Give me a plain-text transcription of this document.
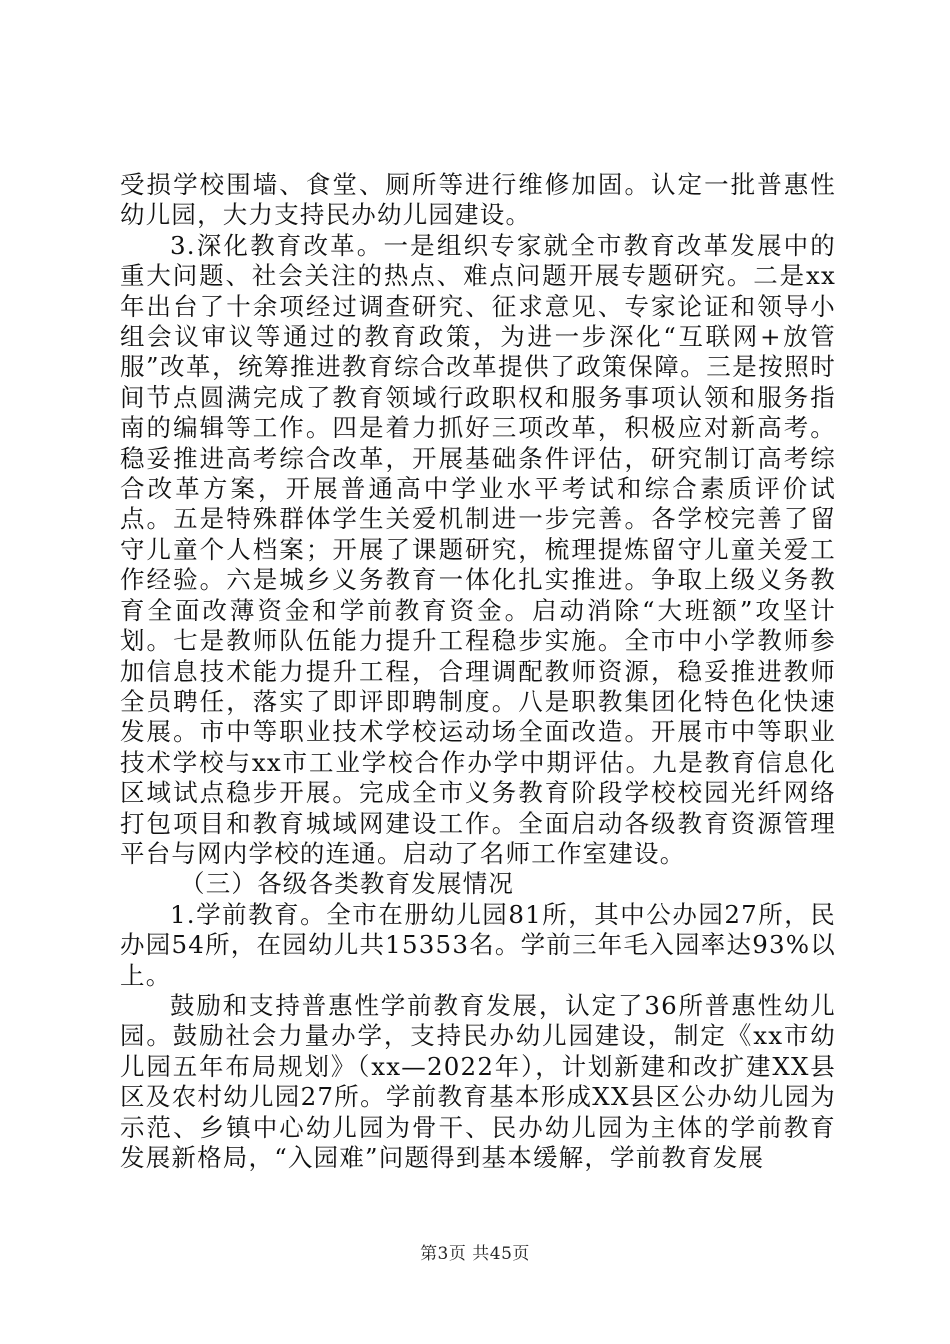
受损学校围墙、食堂、厕所等进行维修加固。认定一批普惠性幼儿园，大力支持民办幼儿园建设。

3.深化教育改革。一是组织专家就全市教育改革发展中的重大问题、社会关注的热点、难点问题开展专题研究。二是xx年出台了十余项经过调查研究、征求意见、专家论证和领导小组会议审议等通过的教育政策，为进一步深化“互联网+放管服”改革，统筹推进教育综合改革提供了政策保障。三是按照时间节点圆满完成了教育领域行政职权和服务事项认领和服务指南的编辑等工作。四是着力抓好三项改革，积极应对新高考。稳妥推进高考综合改革，开展基础条件评估，研究制订高考综合改革方案，开展普通高中学业水平考试和综合素质评价试点。五是特殊群体学生关爱机制进一步完善。各学校完善了留守儿童个人档案；开展了课题研究，梳理提炼留守儿童关爱工作经验。六是城乡义务教育一体化扎实推进。争取上级义务教育全面改薄资金和学前教育资金。启动消除“大班额”攻坚计划。七是教师队伍能力提升工程稳步实施。全市中小学教师参加信息技术能力提升工程，合理调配教师资源，稳妥推进教师全员聘任，落实了即评即聘制度。八是职教集团化特色化快速发展。市中等职业技术学校运动场全面改造。开展市中等职业技术学校与xx市工业学校合作办学中期评估。九是教育信息化区域试点稳步开展。完成全市义务教育阶段学校校园光纤网络打包项目和教育城域网建设工作。全面启动各级教育资源管理平台与网内学校的连通。启动了名师工作室建设。

（三）各级各类教育发展情况

1.学前教育。全市在册幼儿园81所，其中公办园27所，民办园54所，在园幼儿共15353名。学前三年毛入园率达93%以上。

鼓励和支持普惠性学前教育发展，认定了36所普惠性幼儿园。鼓励社会力量办学，支持民办幼儿园建设，制定《xx市幼儿园五年布局规划》（xx—2022年），计划新建和改扩建XX县区及农村幼儿园27所。学前教育基本形成XX县区公办幼儿园为示范、乡镇中心幼儿园为骨干、民办幼儿园为主体的学前教育发展新格局，“入园难”问题得到基本缓解，学前教育发展

第3页 共45页
